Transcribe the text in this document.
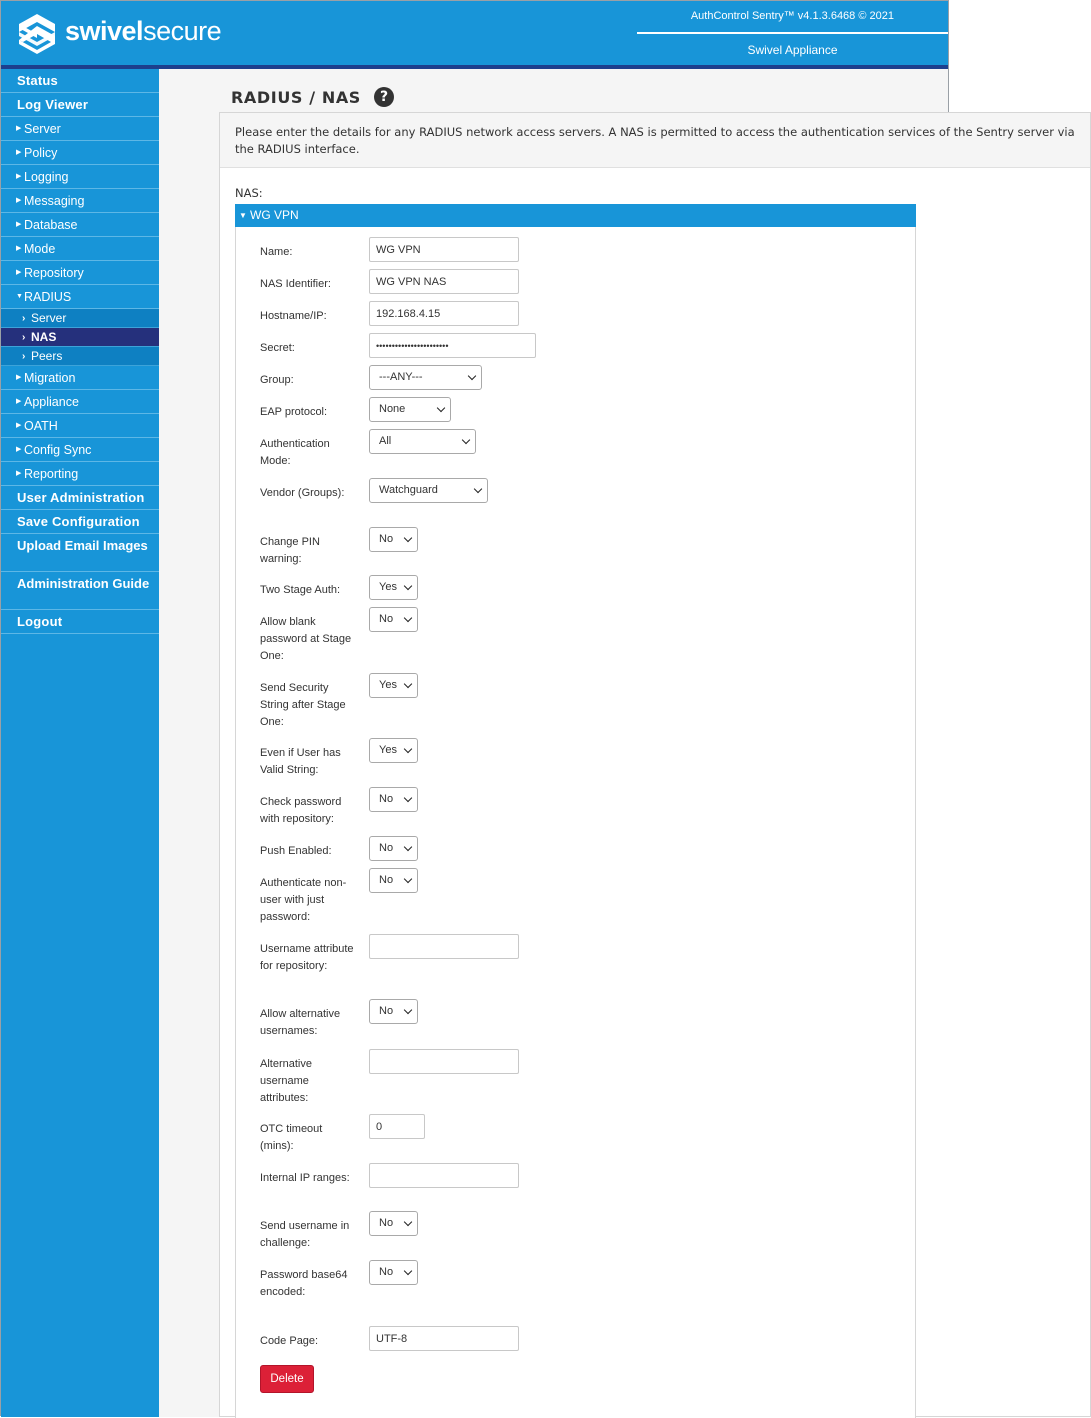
swivelsecure	AuthControl Sentry™ v4.1.3.6468 © 2021
Swivel Appliance
Status
Log Viewer
▶ Server
▶ Policy
▶ Logging
▶ Messaging
▶ Database
▶ Mode
▶ Repository
▼ RADIUS
› Server
› NAS
› Peers
▶ Migration
▶ Appliance
▶ OATH
▶ Config Sync
▶ Reporting
User Administration
Save Configuration
Upload Email Images
Administration Guide
Logout
RADIUS / NAS	?
Please enter the details for any RADIUS network access servers. A NAS is permitted to access the authentication services of the Sentry server via the RADIUS interface.
NAS:
▼ WG VPN
Delete
Name:
WG VPN
NAS Identifier:
WG VPN NAS
Hostname/IP:
192.168.4.15
Secret:
•••••••••••••••••••••••
Group:	---ANY---
EAP protocol:	None
Authentication Mode:
All
Vendor (Groups):	Watchguard
Change PIN warning:
No
Two Stage Auth:	Yes
Allow blank password at Stage One:
No
Send Security String after Stage One:
Yes
Even if User has Valid String:
Yes
Check password with repository:
No
Push Enabled:	No
Authenticate non-user with just password:
No
Username attribute for repository:
Allow alternative usernames:
No
Alternative username attributes:
OTC timeout (mins):
0
Internal IP ranges:
Send username in challenge:
No
Password base64 encoded:
No
Code Page:
UTF-8
